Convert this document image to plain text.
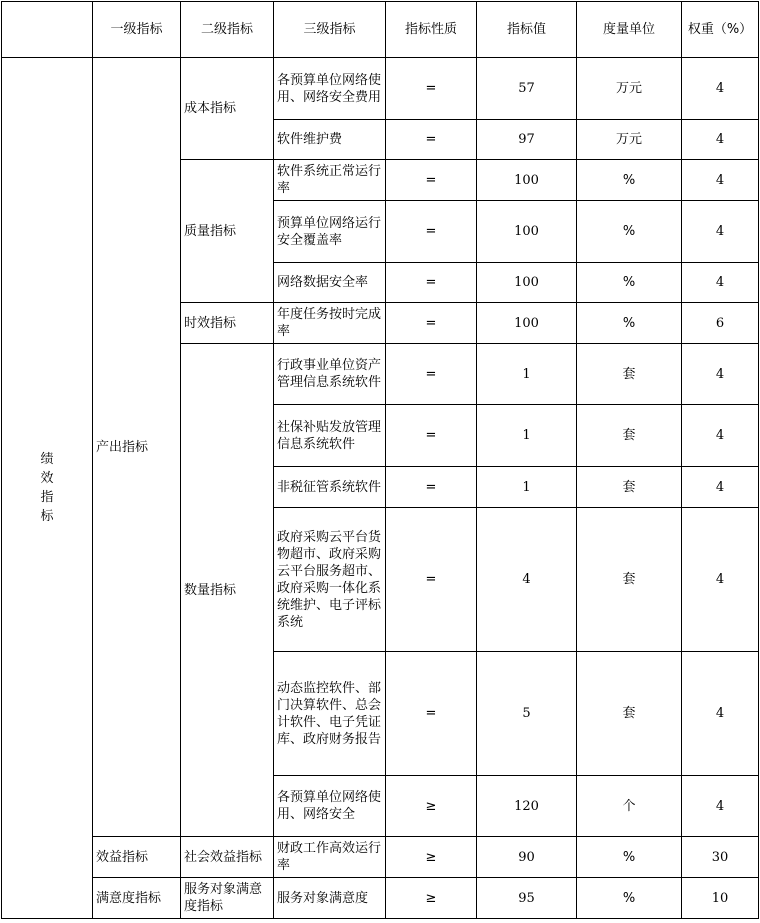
	一级指标	二级指标	三级指标	指标性质	指标值	度量单位	权重（%）

绩
效
指
标	产出指标	成本指标	各预算单位网络使用、网络安全费用	=	57	万元	4
			软件维护费	=	97	万元	4
		质量指标	软件系统正常运行率	=	100	%	4
			预算单位网络运行安全覆盖率	=	100	%	4
			网络数据安全率	=	100	%	4
		时效指标	年度任务按时完成率	=	100	%	6
		数量指标	行政事业单位资产管理信息系统软件	=	1	套	4
			社保补贴发放管理信息系统软件	=	1	套	4
			非税征管系统软件	=	1	套	4
			政府采购云平台货物超市、政府采购云平台服务超市、政府采购一体化系统维护、电子评标系统	=	4	套	4
			动态监控软件、部门决算软件、总会计软件、电子凭证库、政府财务报告	=	5	套	4
			各预算单位网络使用、网络安全	≥	120	个	4
	效益指标	社会效益指标	财政工作高效运行率	≥	90	%	30
	满意度指标	服务对象满意度指标	服务对象满意度	≥	95	%	10
